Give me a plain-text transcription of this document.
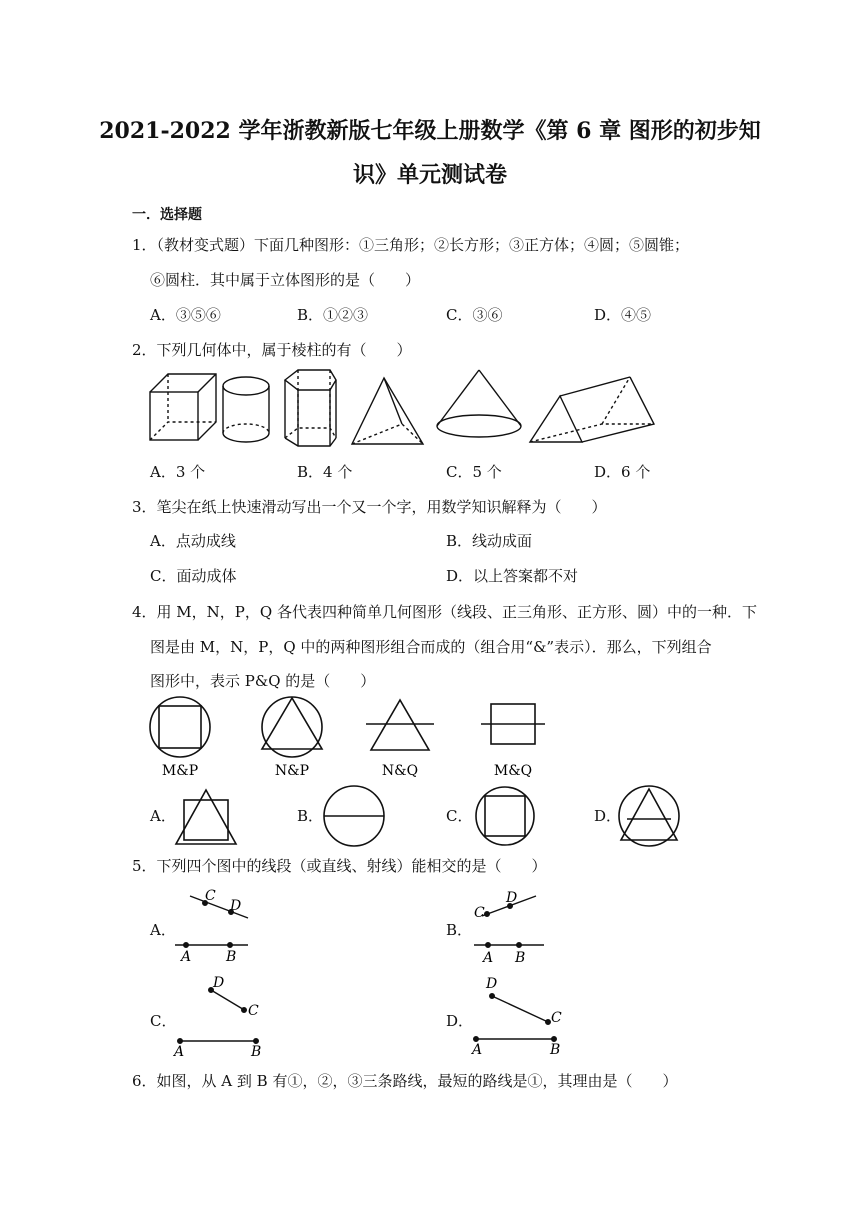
2021-2022 学年浙教新版七年级上册数学《第 6 章 图形的初步知
识》单元测试卷
一．选择题
1．（教材变式题）下面几种图形：①三角形；②长方形；③正方体；④圆；⑤圆锥；
⑥圆柱．其中属于立体图形的是（　　）
A．③⑤⑥	B．①②③	C．③⑥	D．④⑤
2．下列几何体中，属于棱柱的有（　　）
A．3 个	B．4 个	C．5 个	D．6 个
3．笔尖在纸上快速滑动写出一个又一个字，用数学知识解释为（　　）
A．点动成线	B．线动成面
C．面动成体	D．以上答案都不对
4．用 M，N，P，Q 各代表四种简单几何图形（线段、正三角形、正方形、圆）中的一种．下
图是由 M，N，P，Q 中的两种图形组合而成的（组合用“&”表示）．那么，下列组合
图形中，表示 P&Q 的是（　　）
M&P	N&P	N&Q	M&Q
A．	B．	C．	D．
5．下列四个图中的线段（或直线、射线）能相交的是（　　）
A．	B．
C．	D．
C
D
A B
C
D
A B
D
C
A	B
D
C
A	B
6．如图，从 A 到 B 有①，②，③三条路线，最短的路线是①，其理由是（　　）
